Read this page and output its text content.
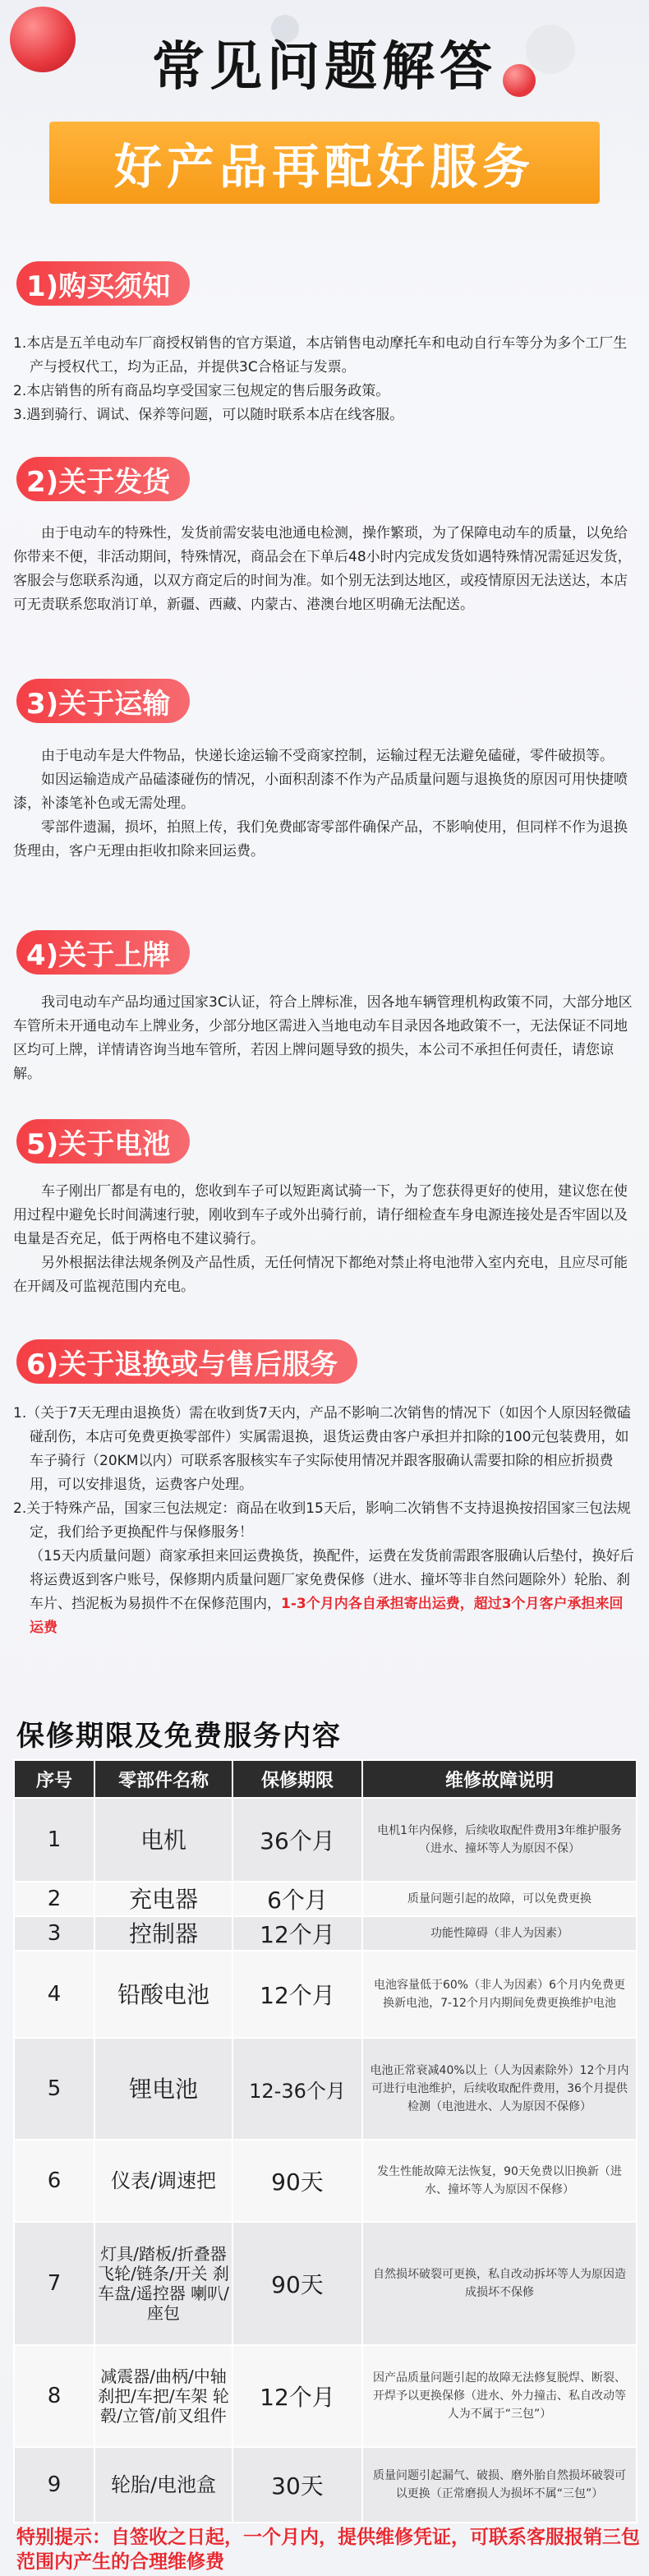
常见问题解答
好产品再配好服务
1)购买须知

1.本店是五羊电动车厂商授权销售的官方渠道，本店销售电动摩托车和电动自行车等分为多个工厂生产与授权代工，均为正品，并提供3C合格证与发票。

2.本店销售的所有商品均享受国家三包规定的售后服务政策。

3.遇到骑行、调试、保养等问题，可以随时联系本店在线客服。

2)关于发货

由于电动车的特殊性，发货前需安装电池通电检测，操作繁琐，为了保障电动车的质量，以免给你带来不便，非活动期间，特殊情况，商品会在下单后48小时内完成发货如遇特殊情况需延迟发货，客服会与您联系沟通，以双方商定后的时间为准。如个别无法到达地区，或疫情原因无法送达，本店可无责联系您取消订单，新疆、西藏、内蒙古、港澳台地区明确无法配送。

3)关于运输

由于电动车是大件物品，快递长途运输不受商家控制，运输过程无法避免磕碰，零件破损等。

如因运输造成产品磕漆碰伤的情况，小面积刮漆不作为产品质量问题与退换货的原因可用快捷喷漆，补漆笔补色或无需处理。

零部件遗漏，损坏，拍照上传，我们免费邮寄零部件确保产品，不影响使用，但同样不作为退换货理由，客户无理由拒收扣除来回运费。

4)关于上牌

我司电动车产品均通过国家3C认证，符合上牌标准，因各地车辆管理机构政策不同，大部分地区车管所未开通电动车上牌业务，少部分地区需进入当地电动车目录因各地政策不一，无法保证不同地区均可上牌，详情请咨询当地车管所，若因上牌问题导致的损失，本公司不承担任何责任，请您谅解。

5)关于电池

车子刚出厂都是有电的，您收到车子可以短距离试骑一下，为了您获得更好的使用，建议您在使用过程中避免长时间满速行驶，刚收到车子或外出骑行前，请仔细检查车身电源连接处是否牢固以及电量是否充足，低于两格电不建议骑行。

另外根据法律法规条例及产品性质，无任何情况下都绝对禁止将电池带入室内充电，且应尽可能在开阔及可监视范围内充电。

6)关于退换或与售后服务

1.（关于7天无理由退换货）需在收到货7天内，产品不影响二次销售的情况下（如因个人原因轻微磕碰刮伤，本店可免费更换零部件）实属需退换，退货运费由客户承担并扣除的100元包装费用，如车子骑行（20KM以内）可联系客服核实车子实际使用情况并跟客服确认需要扣除的相应折损费用，可以安排退货，运费客户处理。

2.关于特殊产品，国家三包法规定：商品在收到15天后，影响二次销售不支持退换按招国家三包法规定，我们给予更换配件与保修服务！

（15天内质量问题）商家承担来回运费换货，换配件，运费在发货前需跟客服确认后垫付，换好后将运费返到客户账号，保修期内质量问题厂家免费保修（进水、撞坏等非自然问题除外）轮胎、刹车片、挡泥板为易损件不在保修范围内，1-3个月内各自承担寄出运费，超过3个月客户承担来回运费

保修期限及免费服务内容
序号	零部件名称	保修期限	维修故障说明
1	电机	36个月	电机1年内保修，后续收取配件费用3年维护服务（进水、撞坏等人为原因不保）
2	充电器	6个月	质量问题引起的故障，可以免费更换
3	控制器	12个月	功能性障碍（非人为因素）
4	铅酸电池	12个月	电池容量低于60%（非人为因素）6个月内免费更换新电池，7-12个月内期间免费更换维护电池
5	锂电池	12-36个月	电池正常衰减40%以上（人为因素除外）12个月内可进行电池维护，后续收取配件费用，36个月提供检测（电池进水、人为原因不保修）
6	仪表/调速把	90天	发生性能故障无法恢复，90天免费以旧换新（进水、撞坏等人为原因不保修）
7	灯具/踏板/折叠器 飞轮/链条/开关 刹车盘/遥控器 喇叭/座包	90天	自然损坏破裂可更换，私自改动拆坏等人为原因造成损坏不保修
8	减震器/曲柄/中轴 刹把/车把/车架 轮毂/立管/前叉组件	12个月	因产品质量问题引起的故障无法修复脱焊、断裂、开焊予以更换保修（进水、外力撞击、私自改动等人为不属于“三包”）
9	轮胎/电池盒	30天	质量问题引起漏气、破损、磨外胎自然损坏破裂可以更换（正常磨损人为损坏不属“三包”）
特别提示：自签收之日起，一个月内，提供维修凭证，可联系客服报销三包范围内产生的合理维修费
